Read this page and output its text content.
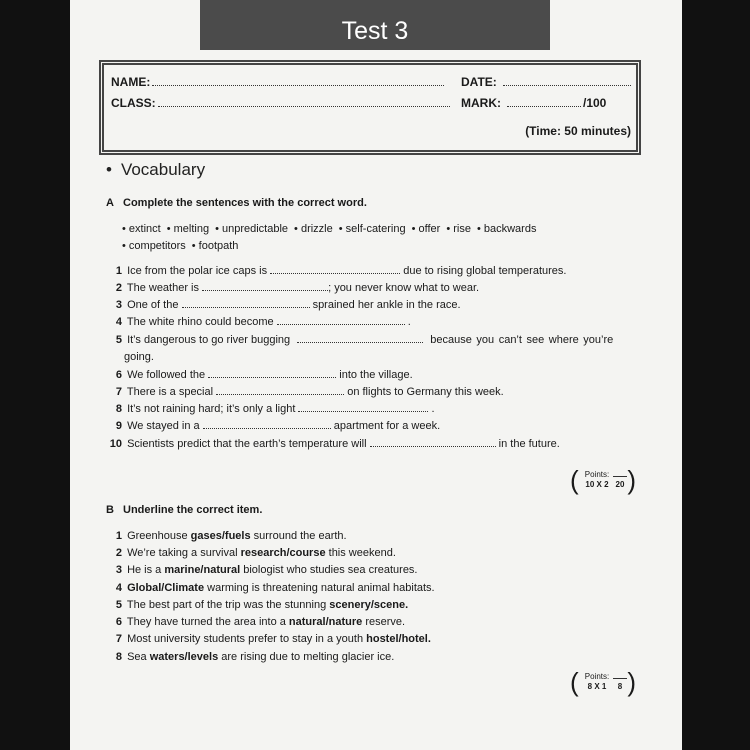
Test 3
NAME:	DATE:
CLASS:	MARK:	/100
(Time: 50 minutes)
• Vocabulary
A Complete the sentences with the correct word.
• extinct • melting • unpredictable • drizzle • self-catering • offer • rise • backwards
• competitors • footpath
1 Ice from the polar ice caps is	due to rising global temperatures.
2 The weather is	; you never know what to wear.
3 One of the	sprained her ankle in the race.
4 The white rhino could become	.
5 It’s dangerous to go river bugging	because you can’t see where you’re
going.
6 We followed the	into the village.
7 There is a special	on flights to Germany this week.
8 It’s not raining hard; it’s only a light	.
9 We stayed in a	apartment for a week.
10 Scientists predict that the earth’s temperature will	in the future.
( Points:
10 X 2 20 )
B Underline the correct item.
1 Greenhouse gases/fuels surround the earth.
2 We’re taking a survival research/course this weekend.
3 He is a marine/natural biologist who studies sea creatures.
4 Global/Climate warming is threatening natural animal habitats.
5 The best part of the trip was the stunning scenery/scene.
6 They have turned the area into a natural/nature reserve.
7 Most university students prefer to stay in a youth hostel/hotel.
8 Sea waters/levels are rising due to melting glacier ice.
( Points:
8 X 1	8 )
